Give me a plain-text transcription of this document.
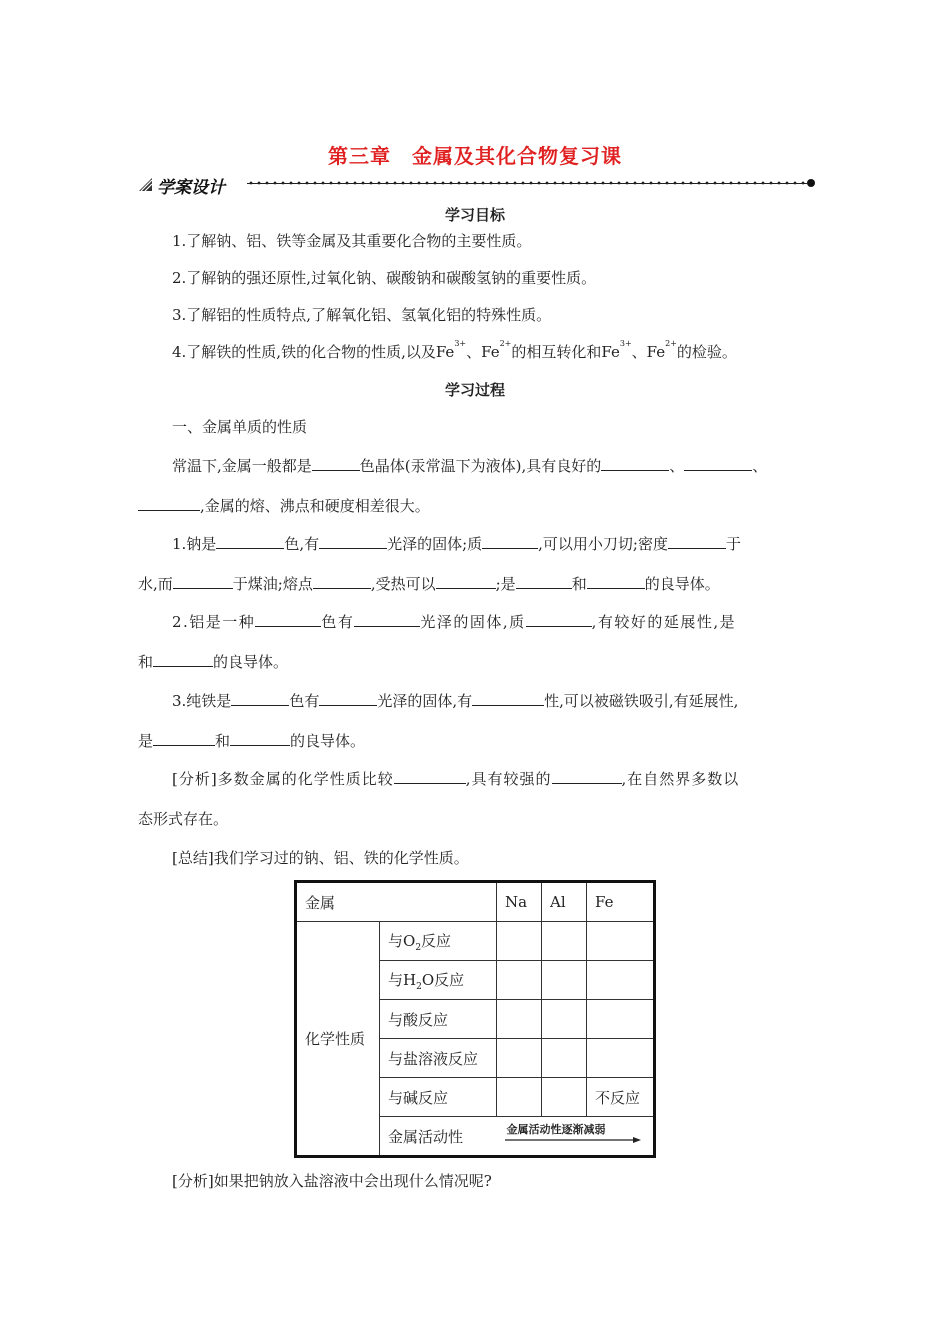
第三章　金属及其化合物复习课
学案设计
学习目标
1.了解钠、铝、铁等金属及其重要化合物的主要性质。
2.了解钠的强还原性,过氧化钠、碳酸钠和碳酸氢钠的重要性质。
3.了解铝的性质特点,了解氧化铝、氢氧化铝的特殊性质。
4.了解铁的性质,铁的化合物的性质,以及$Fe^{3+}$、$Fe^{2+}$的相互转化和$Fe^{3+}$、$Fe^{2+}$的检验。
学习过程
一、金属单质的性质
常温下,金属一般都是	色晶体(汞常温下为液体),具有良好的	、	、
,金属的熔、沸点和硬度相差很大。
1.钠是	色,有	光泽的固体;质	,可以用小刀切;密度	于
水,而	于煤油;熔点	,受热可以	;是	和	的良导体。
2.铝是一种	色有	光泽的固体,质	,有较好的延展性,是
和	的良导体。
3.纯铁是	色有	光泽的固体,有	性,可以被磁铁吸引,有延展性,
是	和	的良导体。
[分析]多数金属的化学性质比较	,具有较强的	,在自然界多数以
态形式存在。
[总结]我们学习过的钠、铝、铁的化学性质。
金属		Na	Al	Fe
化学性质	与$O_2$反应			
	与$H_2O$反应			
	与酸反应			
	与盐溶液反应			
	与碱反应			不反应
	金属活动性	金属活动性逐渐减弱		
[分析]如果把钠放入盐溶液中会出现什么情况呢?
